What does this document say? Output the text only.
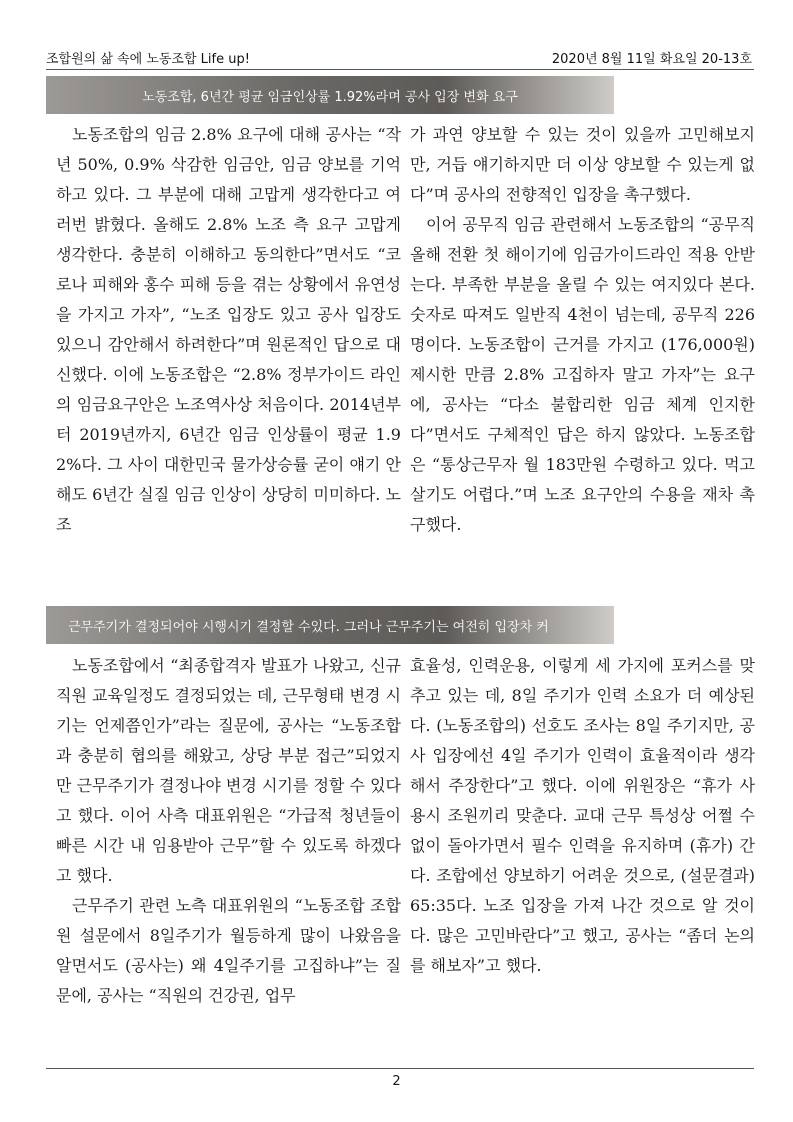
조합원의 삶 속에 노동조합 Life up!	2020년 8월 11일 화요일 20-13호
노동조합, 6년간 평균 임금인상률 1.92%라며 공사 입장 변화 요구

노동조합의 임금 2.8% 요구에 대해 공사는 “작년 50%, 0.9% 삭감한 임금안, 임금 양보를 기억하고 있다. 그 부분에 대해 고맙게 생각한다고 여러번 밝혔다. 올해도 2.8% 노조 측 요구 고맙게 생각한다. 충분히 이해하고 동의한다”면서도 “코로나 피해와 홍수 피해 등을 겪는 상황에서 유연성을 가지고 가자”, “노조 입장도 있고 공사 입장도 있으니 감안해서 하려한다”며 원론적인 답으로 대신했다. 이에 노동조합은 “2.8% 정부가이드 라인의 임금요구안은 노조역사상 처음이다. 2014년부터 2019년까지, 6년간 임금 인상률이 평균 1.92%다. 그 사이 대한민국 물가상승률 굳이 얘기 안해도 6년간 실질 임금 인상이 상당히 미미하다. 노조

가 과연 양보할 수 있는 것이 있을까 고민해보지만, 거듭 얘기하지만 더 이상 양보할 수 있는게 없다”며 공사의 전향적인 입장을 촉구했다.

이어 공무직 임금 관련해서 노동조합의 “공무직 올해 전환 첫 해이기에 임금가이드라인 적용 안받는다. 부족한 부분을 올릴 수 있는 여지있다 본다. 숫자로 따져도 일반직 4천이 넘는데, 공무직 226명이다. 노동조합이 근거를 가지고 (176,000원) 제시한 만큼 2.8% 고집하자 말고 가자”는 요구에, 공사는 “다소 불합리한 임금 체계 인지한다”면서도 구체적인 답은 하지 않았다. 노동조합은 “통상근무자 월 183만원 수령하고 있다. 먹고 살기도 어렵다.”며 노조 요구안의 수용을 재차 촉구했다.

근무주기가 결정되어야 시행시기 결정할 수있다. 그러나 근무주기는 여전히 입장차 커

노동조합에서 “최종합격자 발표가 나왔고, 신규직원 교육일정도 결정되었는 데, 근무형태 변경 시기는 언제쯤인가”라는 질문에, 공사는 “노동조합과 충분히 협의를 해왔고, 상당 부분 접근”되었지만 근무주기가 결정나야 변경 시기를 정할 수 있다고 했다. 이어 사측 대표위원은 “가급적 청년들이 빠른 시간 내 임용받아 근무”할 수 있도록 하겠다고 했다.

근무주기 관련 노측 대표위원의 “노동조합 조합원 설문에서 8일주기가 월등하게 많이 나왔음을 알면서도 (공사는) 왜 4일주기를 고집하냐”는 질문에, 공사는 “직원의 건강권, 업무

효율성, 인력운용, 이렇게 세 가지에 포커스를 맞추고 있는 데, 8일 주기가 인력 소요가 더 예상된다. (노동조합의) 선호도 조사는 8일 주기지만, 공사 입장에선 4일 주기가 인력이 효율적이라 생각해서 주장한다”고 했다. 이에 위원장은 “휴가 사용시 조원끼리 맞춘다. 교대 근무 특성상 어쩔 수 없이 돌아가면서 필수 인력을 유지하며 (휴가) 간다. 조합에선 양보하기 어려운 것으로, (설문결과) 65:35다. 노조 입장을 가져 나간 것으로 알 것이다. 많은 고민바란다”고 했고, 공사는 “좀더 논의를 해보자”고 했다.

2
